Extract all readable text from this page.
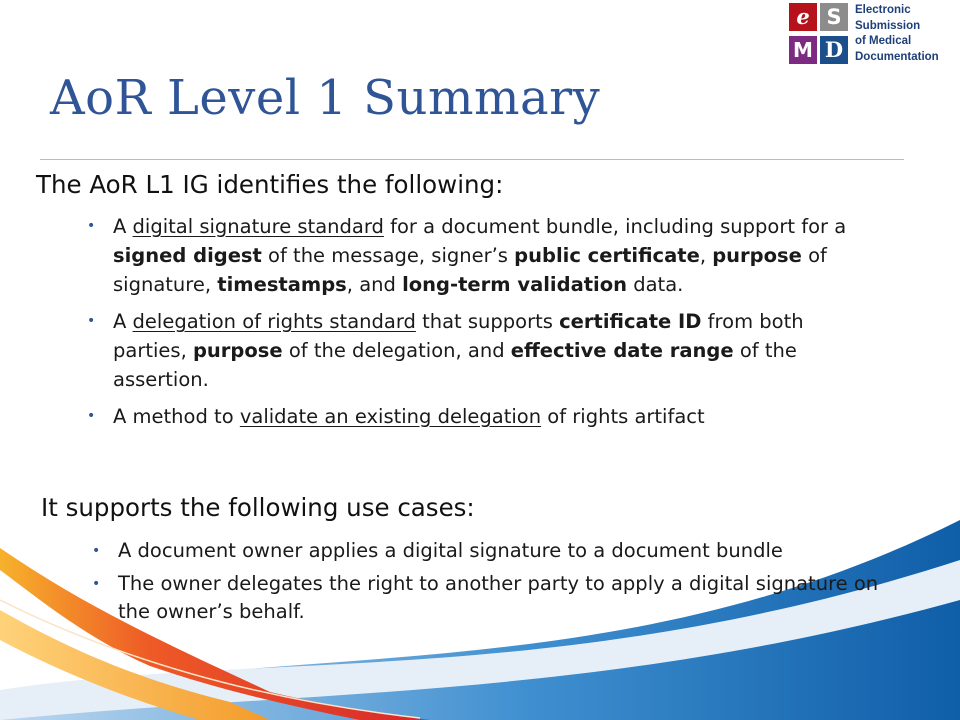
e S
M D
Electronic
Submission
of Medical
Documentation
AoR Level 1 Summary
The AoR L1 IG identifies the following:
• A digital signature standard for a document bundle, including support for a signed digest of the message, signer’s public certificate, purpose of signature, timestamps, and long-term validation data.
• A delegation of rights standard that supports certificate ID from both parties, purpose of the delegation, and effective date range of the assertion.
• A method to validate an existing delegation of rights artifact
It supports the following use cases:
• A document owner applies a digital signature to a document bundle
• The owner delegates the right to another party to apply a digital signature on the owner’s behalf.
